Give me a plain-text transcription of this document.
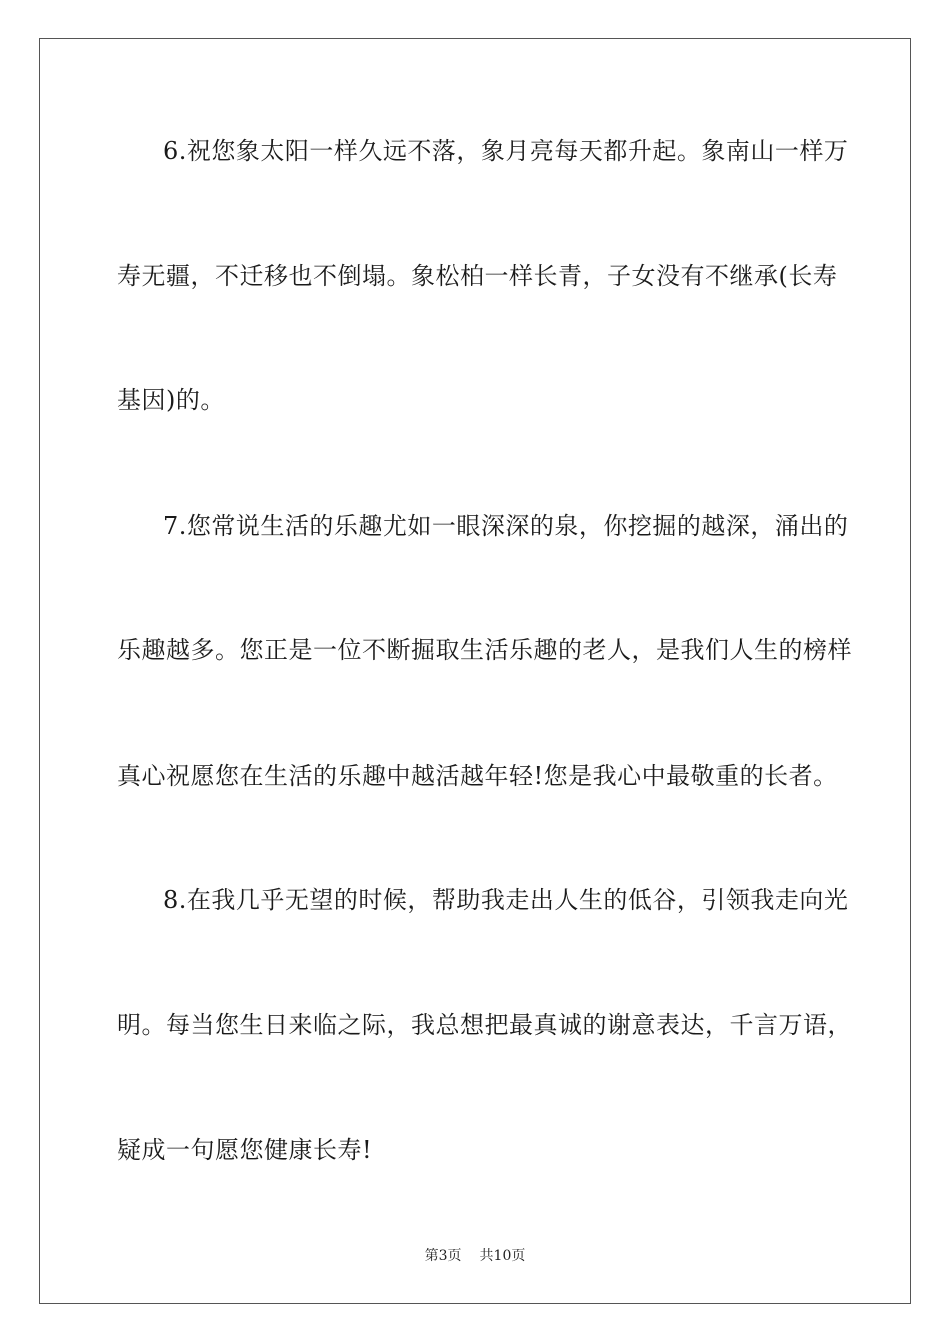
6.祝您象太阳一样久远不落，象月亮每天都升起。象南山一样万
寿无疆，不迁移也不倒塌。象松柏一样长青，子女没有不继承(长寿
基因)的。
7.您常说生活的乐趣尤如一眼深深的泉，你挖掘的越深，涌出的
乐趣越多。您正是一位不断掘取生活乐趣的老人，是我们人生的榜样
真心祝愿您在生活的乐趣中越活越年轻!您是我心中最敬重的长者。
8.在我几乎无望的时候，帮助我走出人生的低谷，引领我走向光
明。每当您生日来临之际，我总想把最真诚的谢意表达，千言万语，
疑成一句愿您健康长寿!
第3页 共10页
